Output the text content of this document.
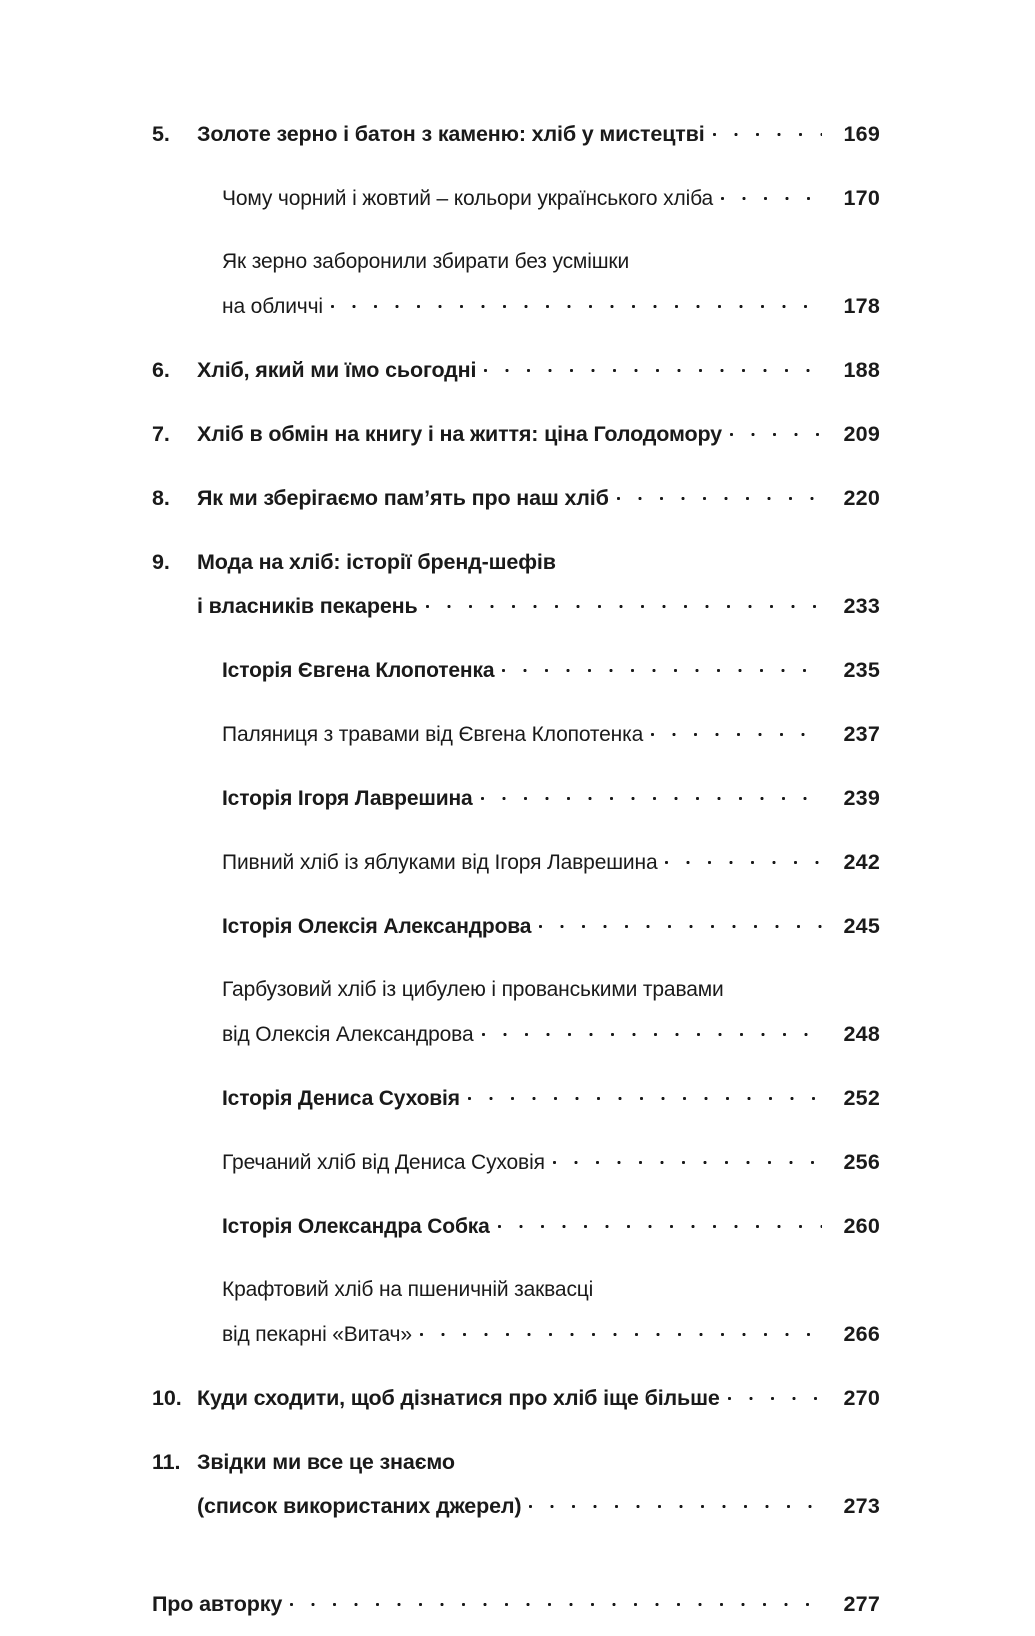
5.	Золоте зерно і батон з каменю: хліб у мистецтві	169
Чому чорний і жовтий – кольори українського хліба	170
Як зерно заборонили збирати без усмішки
на обличчі	178
6.	Хліб, який ми їмо сьогодні	188
7.	Хліб в обмін на книгу і на життя: ціна Голодомору	209
8.	Як ми зберігаємо пам’ять про наш хліб	220
9.	Мода на хліб: історії бренд-шефів
і власників пекарень	233
Історія Євгена Клопотенка	235
Паляниця з травами від Євгена Клопотенка	237
Історія Ігоря Лаврешина	239
Пивний хліб із яблуками від Ігоря Лаврешина	242
Історія Олексія Александрова	245
Гарбузовий хліб із цибулею і прованськими травами
від Олексія Александрова	248
Історія Дениса Суховія	252
Гречаний хліб від Дениса Суховія	256
Історія Олександра Собка	260
Крафтовий хліб на пшеничній заквасці
від пекарні «Витач»	266
10. Куди сходити, щоб дізнатися про хліб іще більше	270
11. Звідки ми все це знаємо
(список використаних джерел)	273
Про авторку	277
